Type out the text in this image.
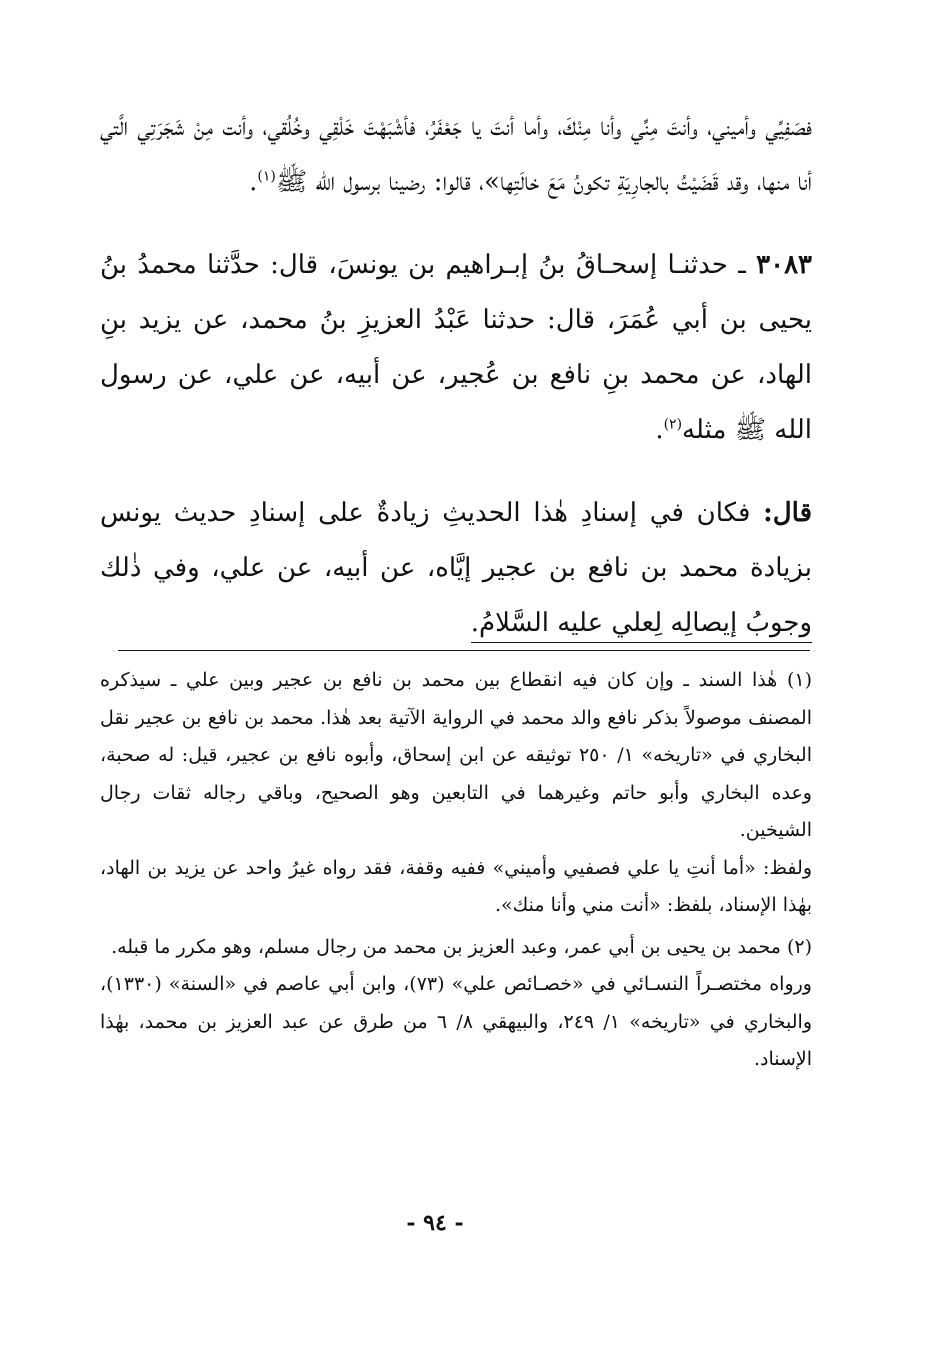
فصَفِيِّي وأميني، وأنتَ مِنِّي وأنا مِنْكَ، وأما أنتَ يا جَعْفَرُ، فأشْبَهْتَ خَلْقِي وخُلُقي، وأنت مِنْ شَجَرَتِي الَّتي أنا منها، وقد قَضَيْتُ بالجارِيَةِ تكونُ مَعَ خالَتِها»، قالوا: رضينا برسول الله ﷺ$^{(١)}$.

٣٠٨٣ ـ حدثنـا إسحـاقُ بنُ إبـراهيم بن يونسَ، قال: حدَّثنا محمدُ بنُ يحيى بن أبي عُمَرَ، قال: حدثنا عَبْدُ العزيزِ بنُ محمد، عن يزيد بنِ الهاد، عن محمد بنِ نافع بن عُجير، عن أبيه، عن علي، عن رسول الله ﷺ مثله$^{(٢)}$.

قال: فكان في إسنادِ هٰذا الحديثِ زيادةٌ على إسنادِ حديث يونس بزيادة محمد بن نافع بن عجير إيَّاه، عن أبيه، عن علي، وفي ذٰلك وجوبُ إيصالِه لِعلي عليه السَّلامُ.

(١) هٰذا السند ـ وإن كان فيه انقطاع بين محمد بن نافع بن عجير وبين علي ـ سيذكره المصنف موصولاً بذكر نافع والد محمد في الرواية الآتية بعد هٰذا. محمد بن نافع بن عجير نقل البخاري في «تاريخه» ١/ ٢٥٠ توثيقه عن ابن إسحاق، وأبوه نافع بن عجير، قيل: له صحبة، وعده البخاري وأبو حاتم وغيرهما في التابعين وهو الصحيح، وباقي رجاله ثقات رجال الشيخين.

ولفظ: «أما أنتِ يا علي فصفيي وأميني» ففيه وقفة، فقد رواه غيرُ واحد عن يزيد بن الهاد، بهٰذا الإسناد، بلفظ: «أنت مني وأنا منك».

(٢) محمد بن يحيى بن أبي عمر، وعبد العزيز بن محمد من رجال مسلم، وهو مكرر ما قبله.

ورواه مختصـراً النسـائي في «خصـائص علي» (٧٣)، وابن أبي عاصم في «السنة» (١٣٣٠)، والبخاري في «تاريخه» ١/ ٢٤٩، والبيهقي ٨/ ٦ من طرق عن عبد العزيز بن محمد، بهٰذا الإسناد.

- ٩٤ -
